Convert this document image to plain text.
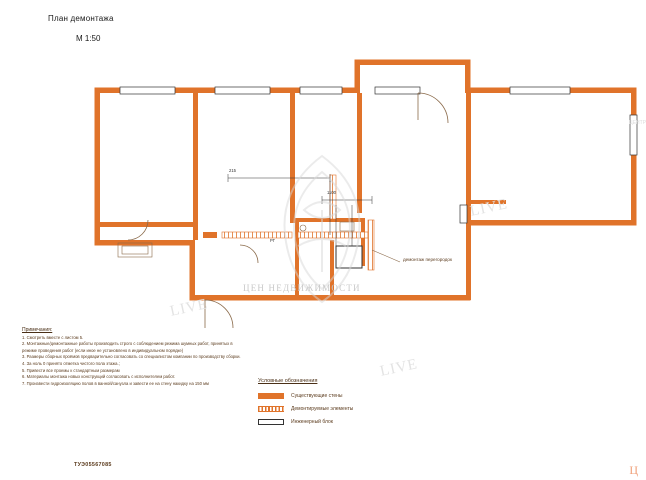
План демонтажа
М 1:50
демонтаж перегородок
215
1100
РГ
Примечания:
1. Смотреть вместе с листом 5.
2. Монтажные/демонтажные работы производить строго с соблюдением режима шумных работ, принятых в режиме проведения работ (если иное не установлено в индивидуальном порядке)
3. Размеры сборных проёмов предварительно согласовать со специалистом компании по производству сборки.
4. За ноль 0 принято отметка чистого пола этажа.;
5. Привести все проемы к стандартным размерам
6. Материалы монтажа новых конструкций согласовать с исполнителем работ.
7. Произвести гидроизоляцию полов в ванной/санузла и завести ее на стену накидку на 150 мм	Условные обозначения
Существующие стены
Демонтируемые элементы
Инженерный блок
ТУЭ05567085
ЦЕН НЕДВИЖИМОСТИ
LIVE
LIVE
LIVE
ЦЕНТР
Ц
